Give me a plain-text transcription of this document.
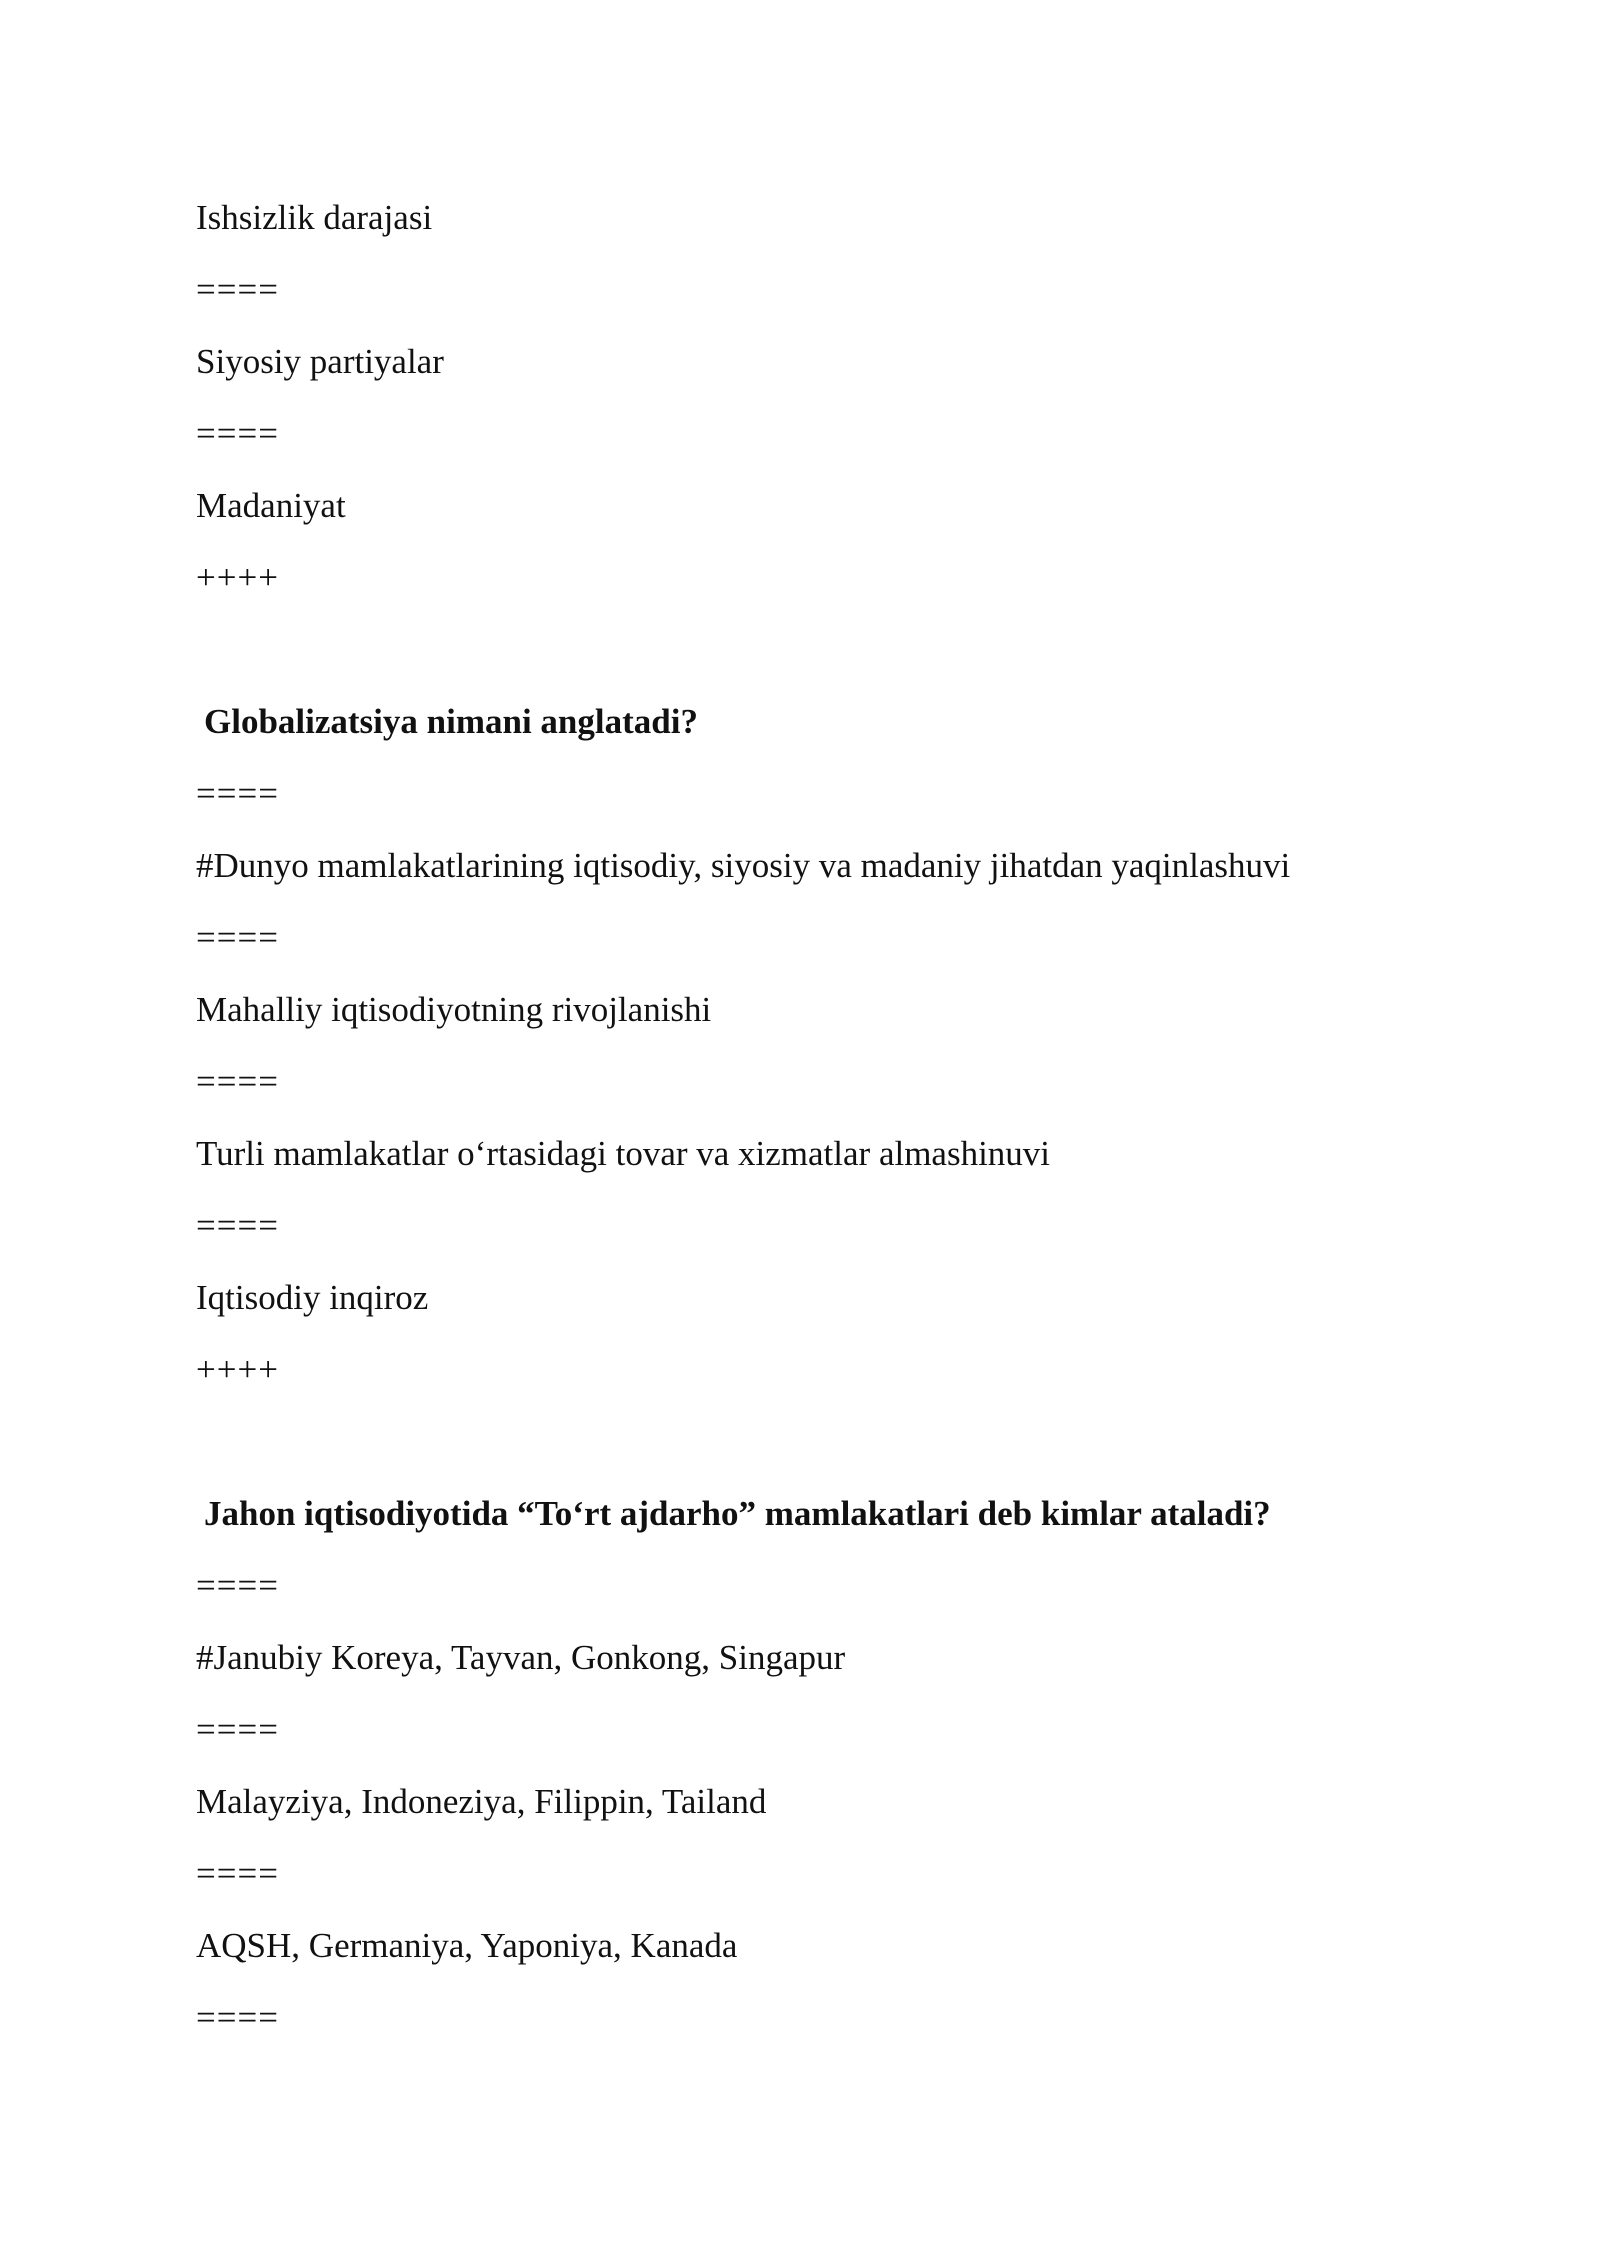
Ishsizlik darajasi
====
Siyosiy partiyalar
====
Madaniyat
++++
Globalizatsiya nimani anglatadi?
====
#Dunyo mamlakatlarining iqtisodiy, siyosiy va madaniy jihatdan yaqinlashuvi
====
Mahalliy iqtisodiyotning rivojlanishi
====
Turli mamlakatlar o‘rtasidagi tovar va xizmatlar almashinuvi
====
Iqtisodiy inqiroz
++++
Jahon iqtisodiyotida “To‘rt ajdarho” mamlakatlari deb kimlar ataladi?
====
#Janubiy Koreya, Tayvan, Gonkong, Singapur
====
Malayziya, Indoneziya, Filippin, Tailand
====
AQSH, Germaniya, Yaponiya, Kanada
====
